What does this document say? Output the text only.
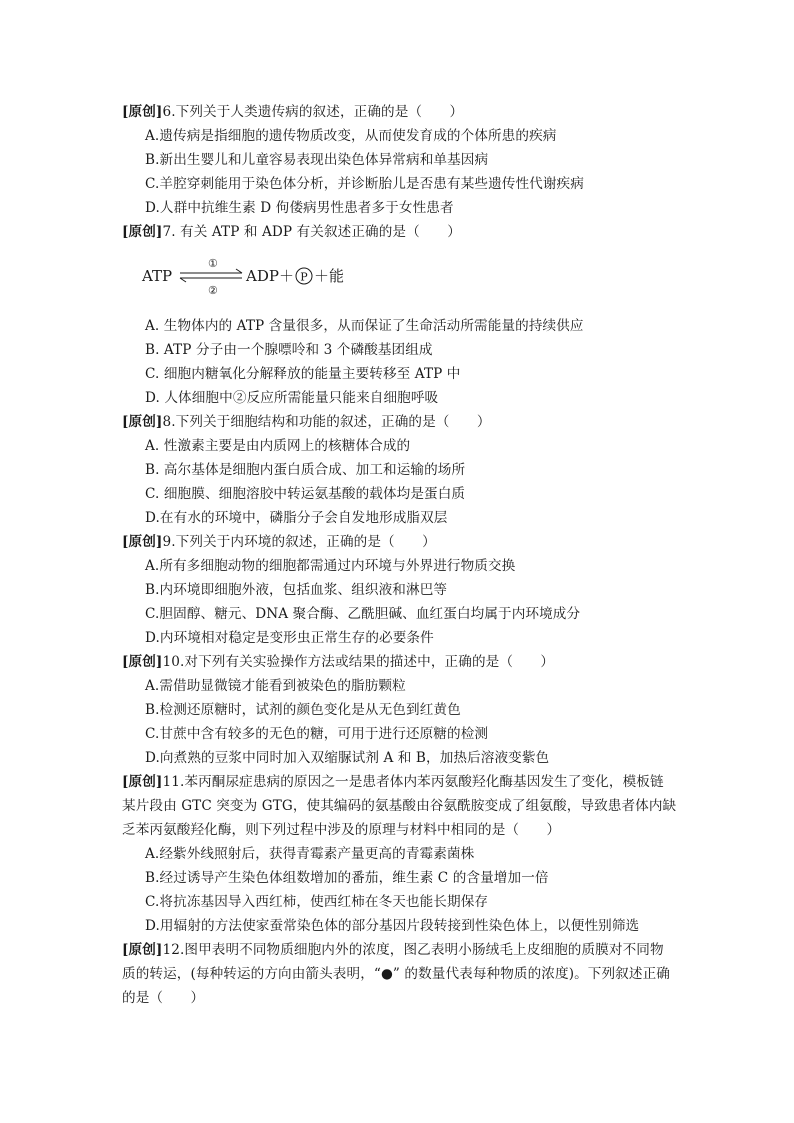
[原创]6.下列关于人类遗传病的叙述，正确的是（　　）
A.遗传病是指细胞的遗传物质改变，从而使发育成的个体所患的疾病
B.新出生婴儿和儿童容易表现出染色体异常病和单基因病
C.羊腔穿刺能用于染色体分析，并诊断胎儿是否患有某些遗传性代谢疾病
D.人群中抗维生素 D 佝偻病男性患者多于女性患者
[原创]7. 有关 ATP 和 ADP 有关叙述正确的是（　　）
ATP
①
②
ADP＋ P ＋能
A. 生物体内的 ATP 含量很多，从而保证了生命活动所需能量的持续供应
B. ATP 分子由一个腺嘌呤和 3 个磷酸基团组成
C. 细胞内糖氧化分解释放的能量主要转移至 ATP 中
D. 人体细胞中②反应所需能量只能来自细胞呼吸
[原创]8.下列关于细胞结构和功能的叙述，正确的是（　　）
A. 性激素主要是由内质网上的核糖体合成的
B. 高尔基体是细胞内蛋白质合成、加工和运输的场所
C. 细胞膜、细胞溶胶中转运氨基酸的载体均是蛋白质
D.在有水的环境中，磷脂分子会自发地形成脂双层
[原创]9.下列关于内环境的叙述，正确的是（　　）
A.所有多细胞动物的细胞都需通过内环境与外界进行物质交换
B.内环境即细胞外液，包括血浆、组织液和淋巴等
C.胆固醇、糖元、DNA 聚合酶、乙酰胆碱、血红蛋白均属于内环境成分
D.内环境相对稳定是变形虫正常生存的必要条件
[原创]10.对下列有关实验操作方法或结果的描述中，正确的是（　　）
A.需借助显微镜才能看到被染色的脂肪颗粒
B.检测还原糖时，试剂的颜色变化是从无色到红黄色
C.甘蔗中含有较多的无色的糖，可用于进行还原糖的检测
D.向煮熟的豆浆中同时加入双缩脲试剂 A 和 B，加热后溶液变紫色
[原创]11.苯丙酮尿症患病的原因之一是患者体内苯丙氨酸羟化酶基因发生了变化，模板链
某片段由 GTC 突变为 GTG，使其编码的氨基酸由谷氨酰胺变成了组氨酸，导致患者体内缺
乏苯丙氨酸羟化酶，则下列过程中涉及的原理与材料中相同的是（　　）
A.经紫外线照射后，获得青霉素产量更高的青霉素菌株
B.经过诱导产生染色体组数增加的番茄，维生素 C 的含量增加一倍
C.将抗冻基因导入西红柿，使西红柿在冬天也能长期保存
D.用辐射的方法使家蚕常染色体的部分基因片段转接到性染色体上，以便性别筛选
[原创]12.图甲表明不同物质细胞内外的浓度，图乙表明小肠绒毛上皮细胞的质膜对不同物
质的转运，(每种转运的方向由箭头表明，“●” 的数量代表每种物质的浓度)。下列叙述正确
的是（　　）
